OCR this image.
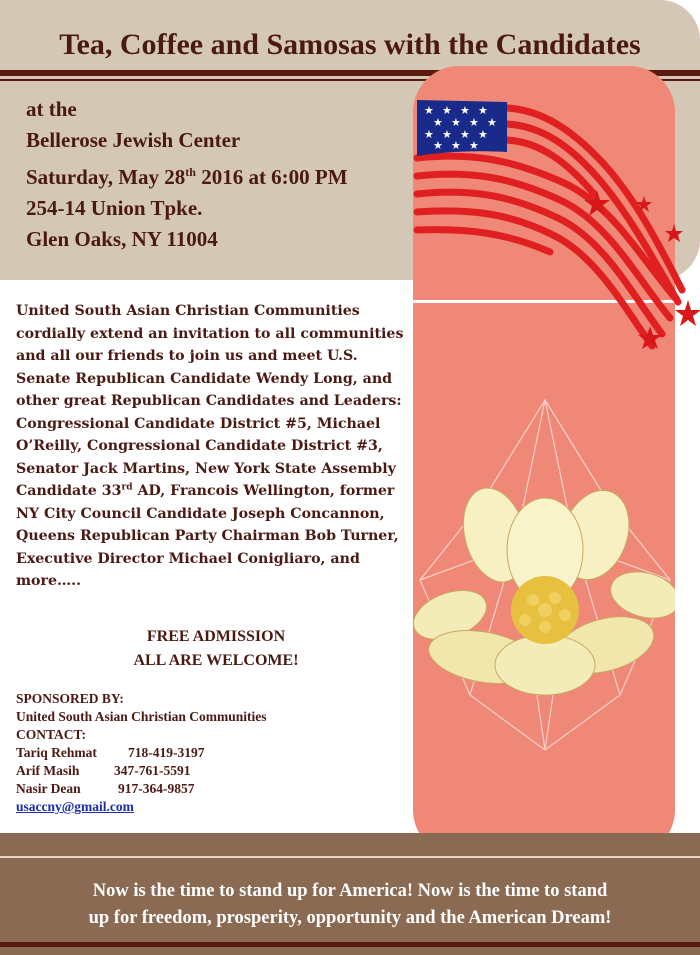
Tea, Coffee and Samosas with the Candidates
at the
Bellerose Jewish Center
Saturday, May 28th 2016 at 6:00 PM
254-14 Union Tpke.
Glen Oaks, NY 11004
★ ★ ★ ★
★ ★ ★ ★
★ ★ ★ ★
★ ★ ★
United South Asian Christian Communities cordially extend an invitation to all communities and all our friends to join us and meet U.S. Senate Republican Candidate Wendy Long, and other great Republican Candidates and Leaders: Congressional Candidate District #5, Michael O’Reilly, Congressional Candidate District #3, Senator Jack Martins, New York State Assembly Candidate 33rd AD, Francois Wellington, former NY City Council Candidate Joseph Concannon, Queens Republican Party Chairman Bob Turner, Executive Director Michael Conigliaro, and more…..
FREE ADMISSION
ALL ARE WELCOME!
SPONSORED BY:
United South Asian Christian Communities
CONTACT:
Tariq Rehmat 718-419-3197
Arif Masih	347-761-5591
Nasir Dean	917-364-9857
usaccny@gmail.com
Now is the time to stand up for America! Now is the time to stand
up for freedom, prosperity, opportunity and the American Dream!
